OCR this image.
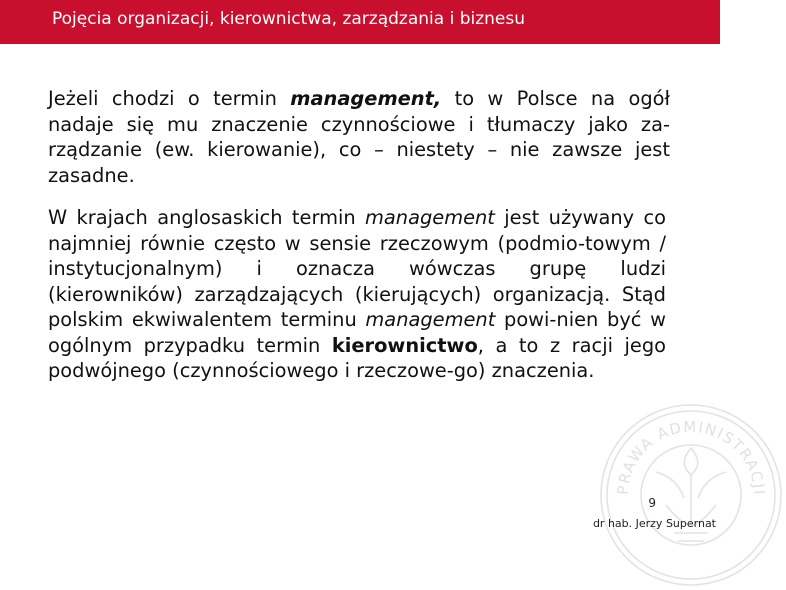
Pojęcia organizacji, kierownictwa, zarządzania i biznesu

Jeżeli chodzi o termin management, to w Polsce na ogół nadaje się mu znaczenie czynnościowe i tłumaczy jako za-rządzanie (ew. kierowanie), co – niestety – nie zawsze jest zasadne.

W krajach anglosaskich termin management jest używany co najmniej równie często w sensie rzeczowym (podmio-towym / instytucjonalnym) i oznacza wówczas grupę ludzi (kierowników) zarządzających (kierujących) organizacją. Stąd polskim ekwiwalentem terminu management powi-nien być w ogólnym przypadku termin kierownictwo, a to z racji jego podwójnego (czynnościowego i rzeczowe-go) znaczenia.

PRAWA ADMINISTRACJI
9
dr hab. Jerzy Supernat
